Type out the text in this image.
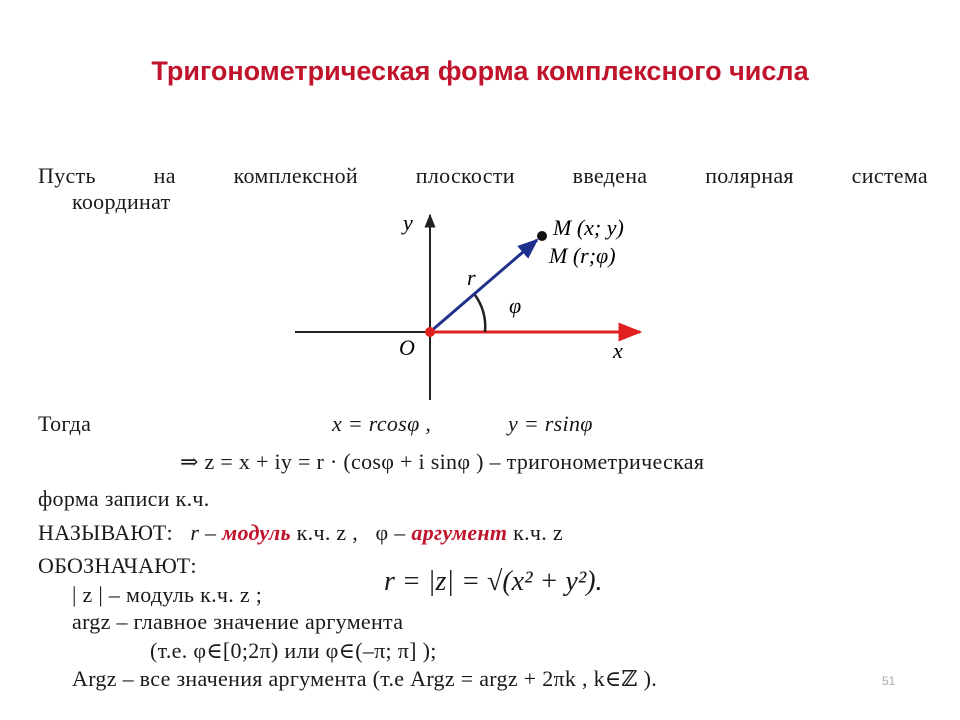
Тригонометрическая форма комплексного числа
Пусть на комплексной плоскости введена полярная система
координат
y
x
O
r
φ
M (x; y)
M (r;φ)
Тогда	x = rcosφ ,	y = rsinφ
⇒ z = x + iy = r · (cosφ + i sinφ ) – тригонометрическая
форма записи к.ч.
НАЗЫВАЮТ: r – модуль к.ч. z , φ – аргумент к.ч. z
ОБОЗНАЧАЮТ:
| z | – модуль к.ч. z ;	r = |z| = √(x² + y²).
argz – главное значение аргумента
(т.е. φ∈[0;2π) или φ∈(–π; π] );
Argz – все значения аргумента (т.е Argz = argz + 2πk , k∈ℤ ).	51
